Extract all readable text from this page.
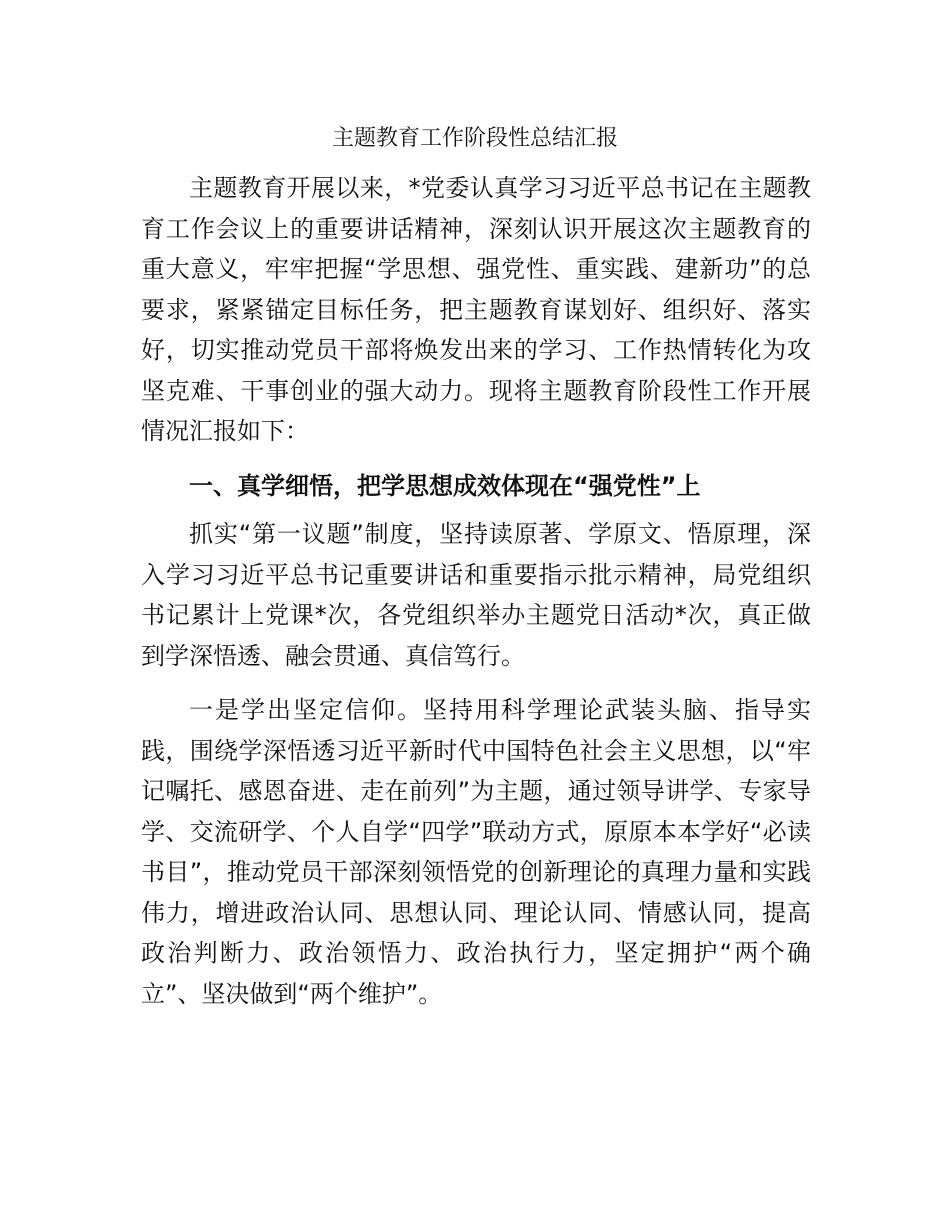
主题教育工作阶段性总结汇报

主题教育开展以来，*党委认真学习习近平总书记在主题教育工作会议上的重要讲话精神，深刻认识开展这次主题教育的重大意义，牢牢把握“学思想、强党性、重实践、建新功”的总要求，紧紧锚定目标任务，把主题教育谋划好、组织好、落实好，切实推动党员干部将焕发出来的学习、工作热情转化为攻坚克难、干事创业的强大动力。现将主题教育阶段性工作开展情况汇报如下：

一、真学细悟，把学思想成效体现在“强党性”上

抓实“第一议题”制度，坚持读原著、学原文、悟原理，深入学习习近平总书记重要讲话和重要指示批示精神，局党组织书记累计上党课*次，各党组织举办主题党日活动*次，真正做到学深悟透、融会贯通、真信笃行。

一是学出坚定信仰。坚持用科学理论武装头脑、指导实践，围绕学深悟透习近平新时代中国特色社会主义思想，以“牢记嘱托、感恩奋进、走在前列”为主题，通过领导讲学、专家导学、交流研学、个人自学“四学”联动方式，原原本本学好“必读书目”，推动党员干部深刻领悟党的创新理论的真理力量和实践伟力，增进政治认同、思想认同、理论认同、情感认同，提高政治判断力、政治领悟力、政治执行力，坚定拥护“两个确立”、坚决做到“两个维护”。
